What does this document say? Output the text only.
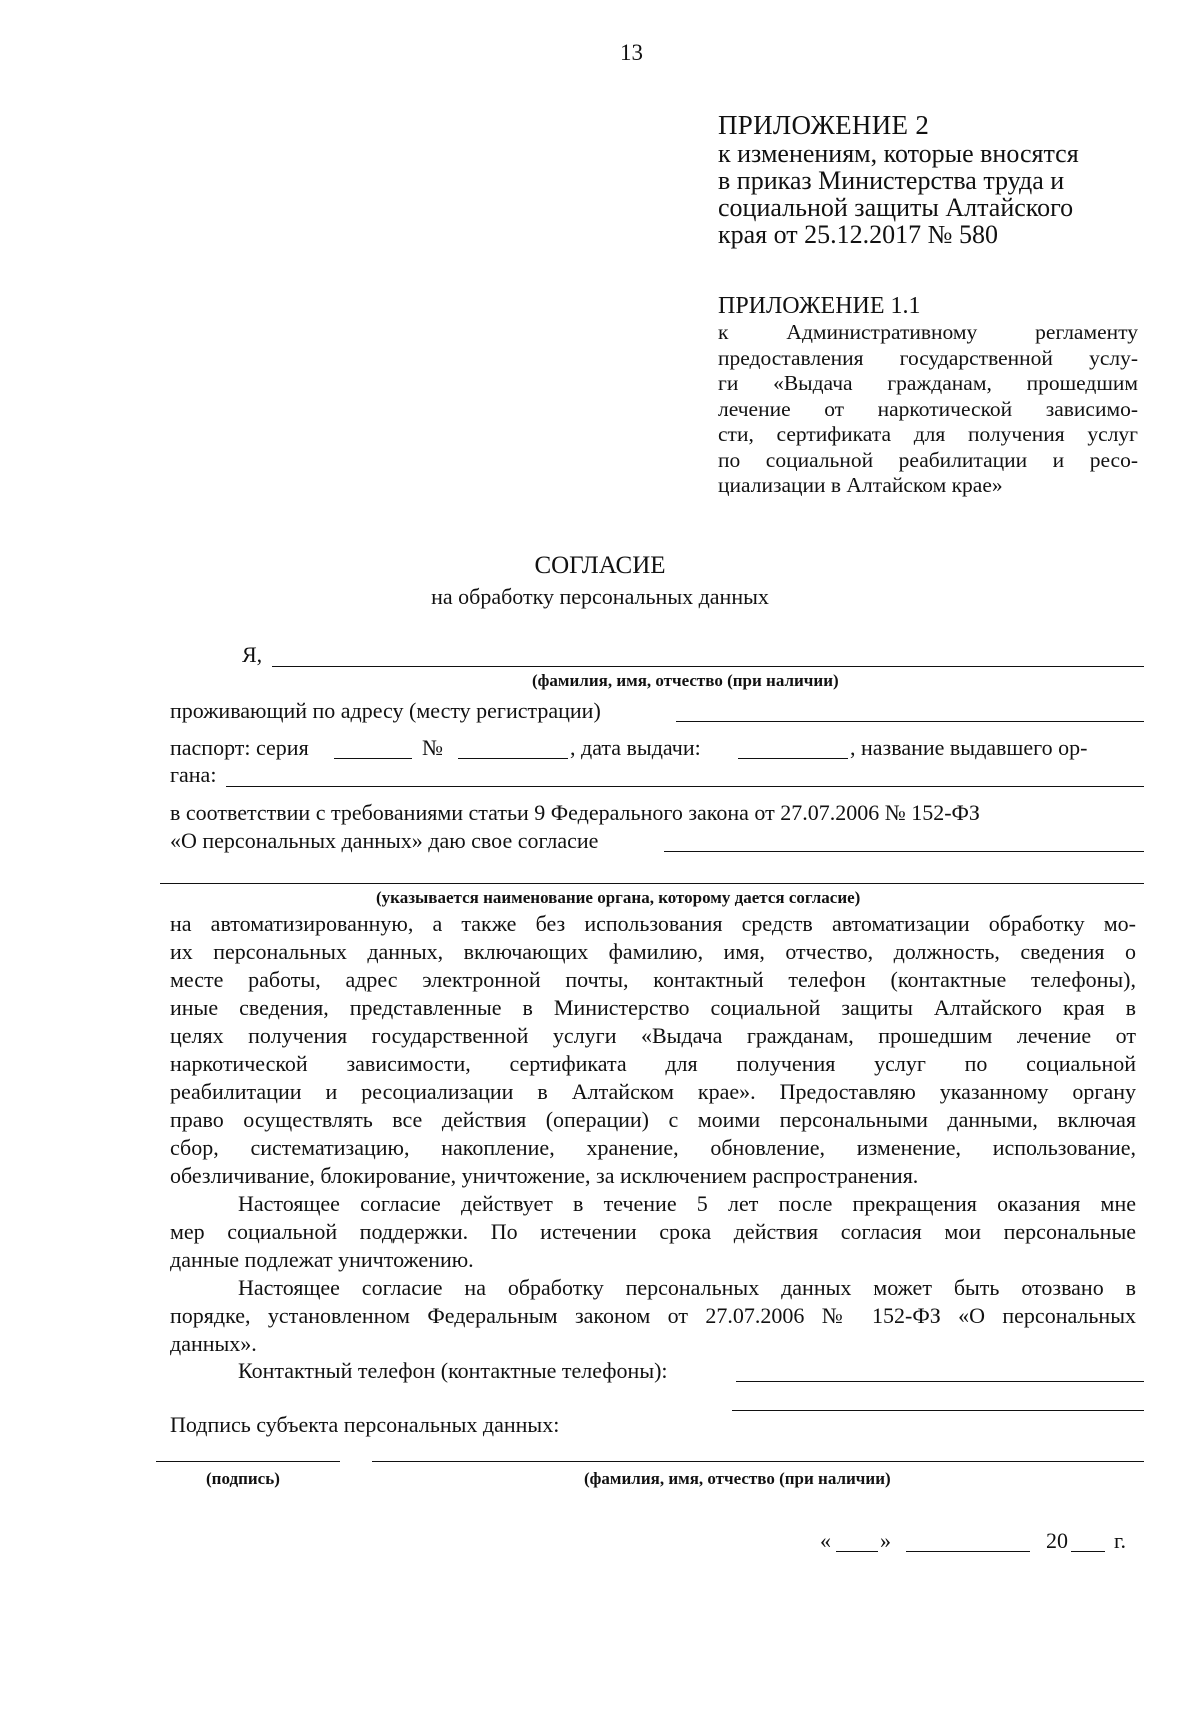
13
ПРИЛОЖЕНИЕ 2
к изменениям, которые вносятся
в приказ Министерства труда и
социальной защиты Алтайского
края от 25.12.2017 № 580
ПРИЛОЖЕНИЕ 1.1
к Административному регламенту
предоставления государственной услу-
ги «Выдача гражданам, прошедшим
лечение от наркотической зависимо-
сти, сертификата для получения услуг
по социальной реабилитации и ресо-
циализации в Алтайском крае»
СОГЛАСИЕ
на обработку персональных данных
Я,
(фамилия, имя, отчество (при наличии)
проживающий по адресу (месту регистрации)
паспорт: серия	№	, дата выдачи:	, название выдавшего ор-
гана:
в соответствии с требованиями статьи 9 Федерального закона от 27.07.2006 № 152-ФЗ
«О персональных данных» даю свое согласие
(указывается наименование органа, которому дается согласие)
на автоматизированную, а также без использования средств автоматизации обработку мо-
их персональных данных, включающих фамилию, имя, отчество, должность, сведения о
месте работы, адрес электронной почты, контактный телефон (контактные телефоны),
иные сведения, представленные в Министерство социальной защиты Алтайского края в
целях получения государственной услуги «Выдача гражданам, прошедшим лечение от
наркотической зависимости, сертификата для получения услуг по социальной
реабилитации и ресоциализации в Алтайском крае». Предоставляю указанному органу
право осуществлять все действия (операции) с моими персональными данными, включая
сбор, систематизацию, накопление, хранение, обновление, изменение, использование,
обезличивание, блокирование, уничтожение, за исключением распространения.
Настоящее согласие действует в течение 5 лет после прекращения оказания мне
мер социальной поддержки. По истечении срока действия согласия мои персональные
данные подлежат уничтожению.
Настоящее согласие на обработку персональных данных может быть отозвано в
порядке, установленном Федеральным законом от 27.07.2006 № 152-ФЗ «О персональных
данных».
Контактный телефон (контактные телефоны):
Подпись субъекта персональных данных:
(подпись)	(фамилия, имя, отчество (при наличии)
« »	20 г.
